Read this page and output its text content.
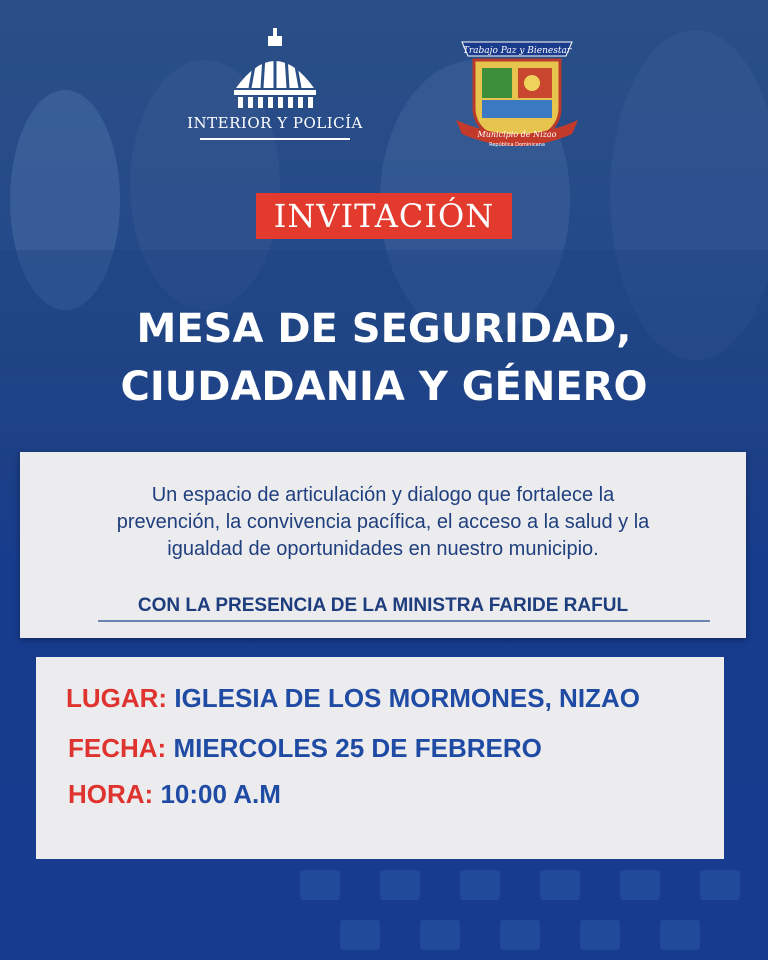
INTERIOR Y POLICÍA
Trabajo Paz y Bienestar
Municipio de Nizao
República Dominicana
INVITACIÓN
MESA DE SEGURIDAD,
CIUDADANIA Y GÉNERO
Un espacio de articulación y dialogo que fortalece la
prevención, la convivencia pacífica, el acceso a la salud y la
igualdad de oportunidades en nuestro municipio.
CON LA PRESENCIA DE LA MINISTRA FARIDE RAFUL
LUGAR: IGLESIA DE LOS MORMONES, NIZAO
FECHA: MIERCOLES 25 DE FEBRERO
HORA: 10:00 A.M
